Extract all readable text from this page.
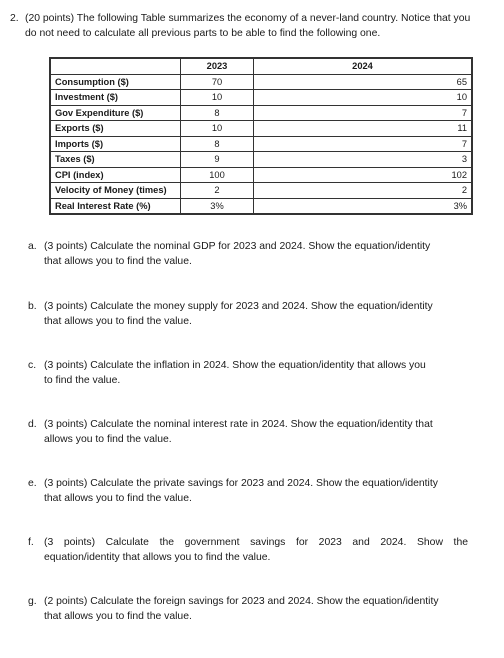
2. (20 points) The following Table summarizes the economy of a never-land country. Notice that you do not need to calculate all previous parts to be able to find the following one.
	2023	2024
Consumption ($)	70	65
Investment ($)	10	10
Gov Expenditure ($)	8	7
Exports ($)	10	11
Imports ($)	8	7
Taxes ($)	9	3
CPI (index)	100	102
Velocity of Money (times)	2	2
Real Interest Rate (%)	3%	3%
a. (3 points) Calculate the nominal GDP for 2023 and 2024. Show the equation/identity
that allows you to find the value.
b. (3 points) Calculate the money supply for 2023 and 2024. Show the equation/identity
that allows you to find the value.
c. (3 points) Calculate the inflation in 2024. Show the equation/identity that allows you
to find the value.
d. (3 points) Calculate the nominal interest rate in 2024. Show the equation/identity that
allows you to find the value.
e. (3 points) Calculate the private savings for 2023 and 2024. Show the equation/identity
that allows you to find the value.
f. (3 points) Calculate the government savings for 2023 and 2024. Show the
equation/identity that allows you to find the value.
g. (2 points) Calculate the foreign savings for 2023 and 2024. Show the equation/identity
that allows you to find the value.
